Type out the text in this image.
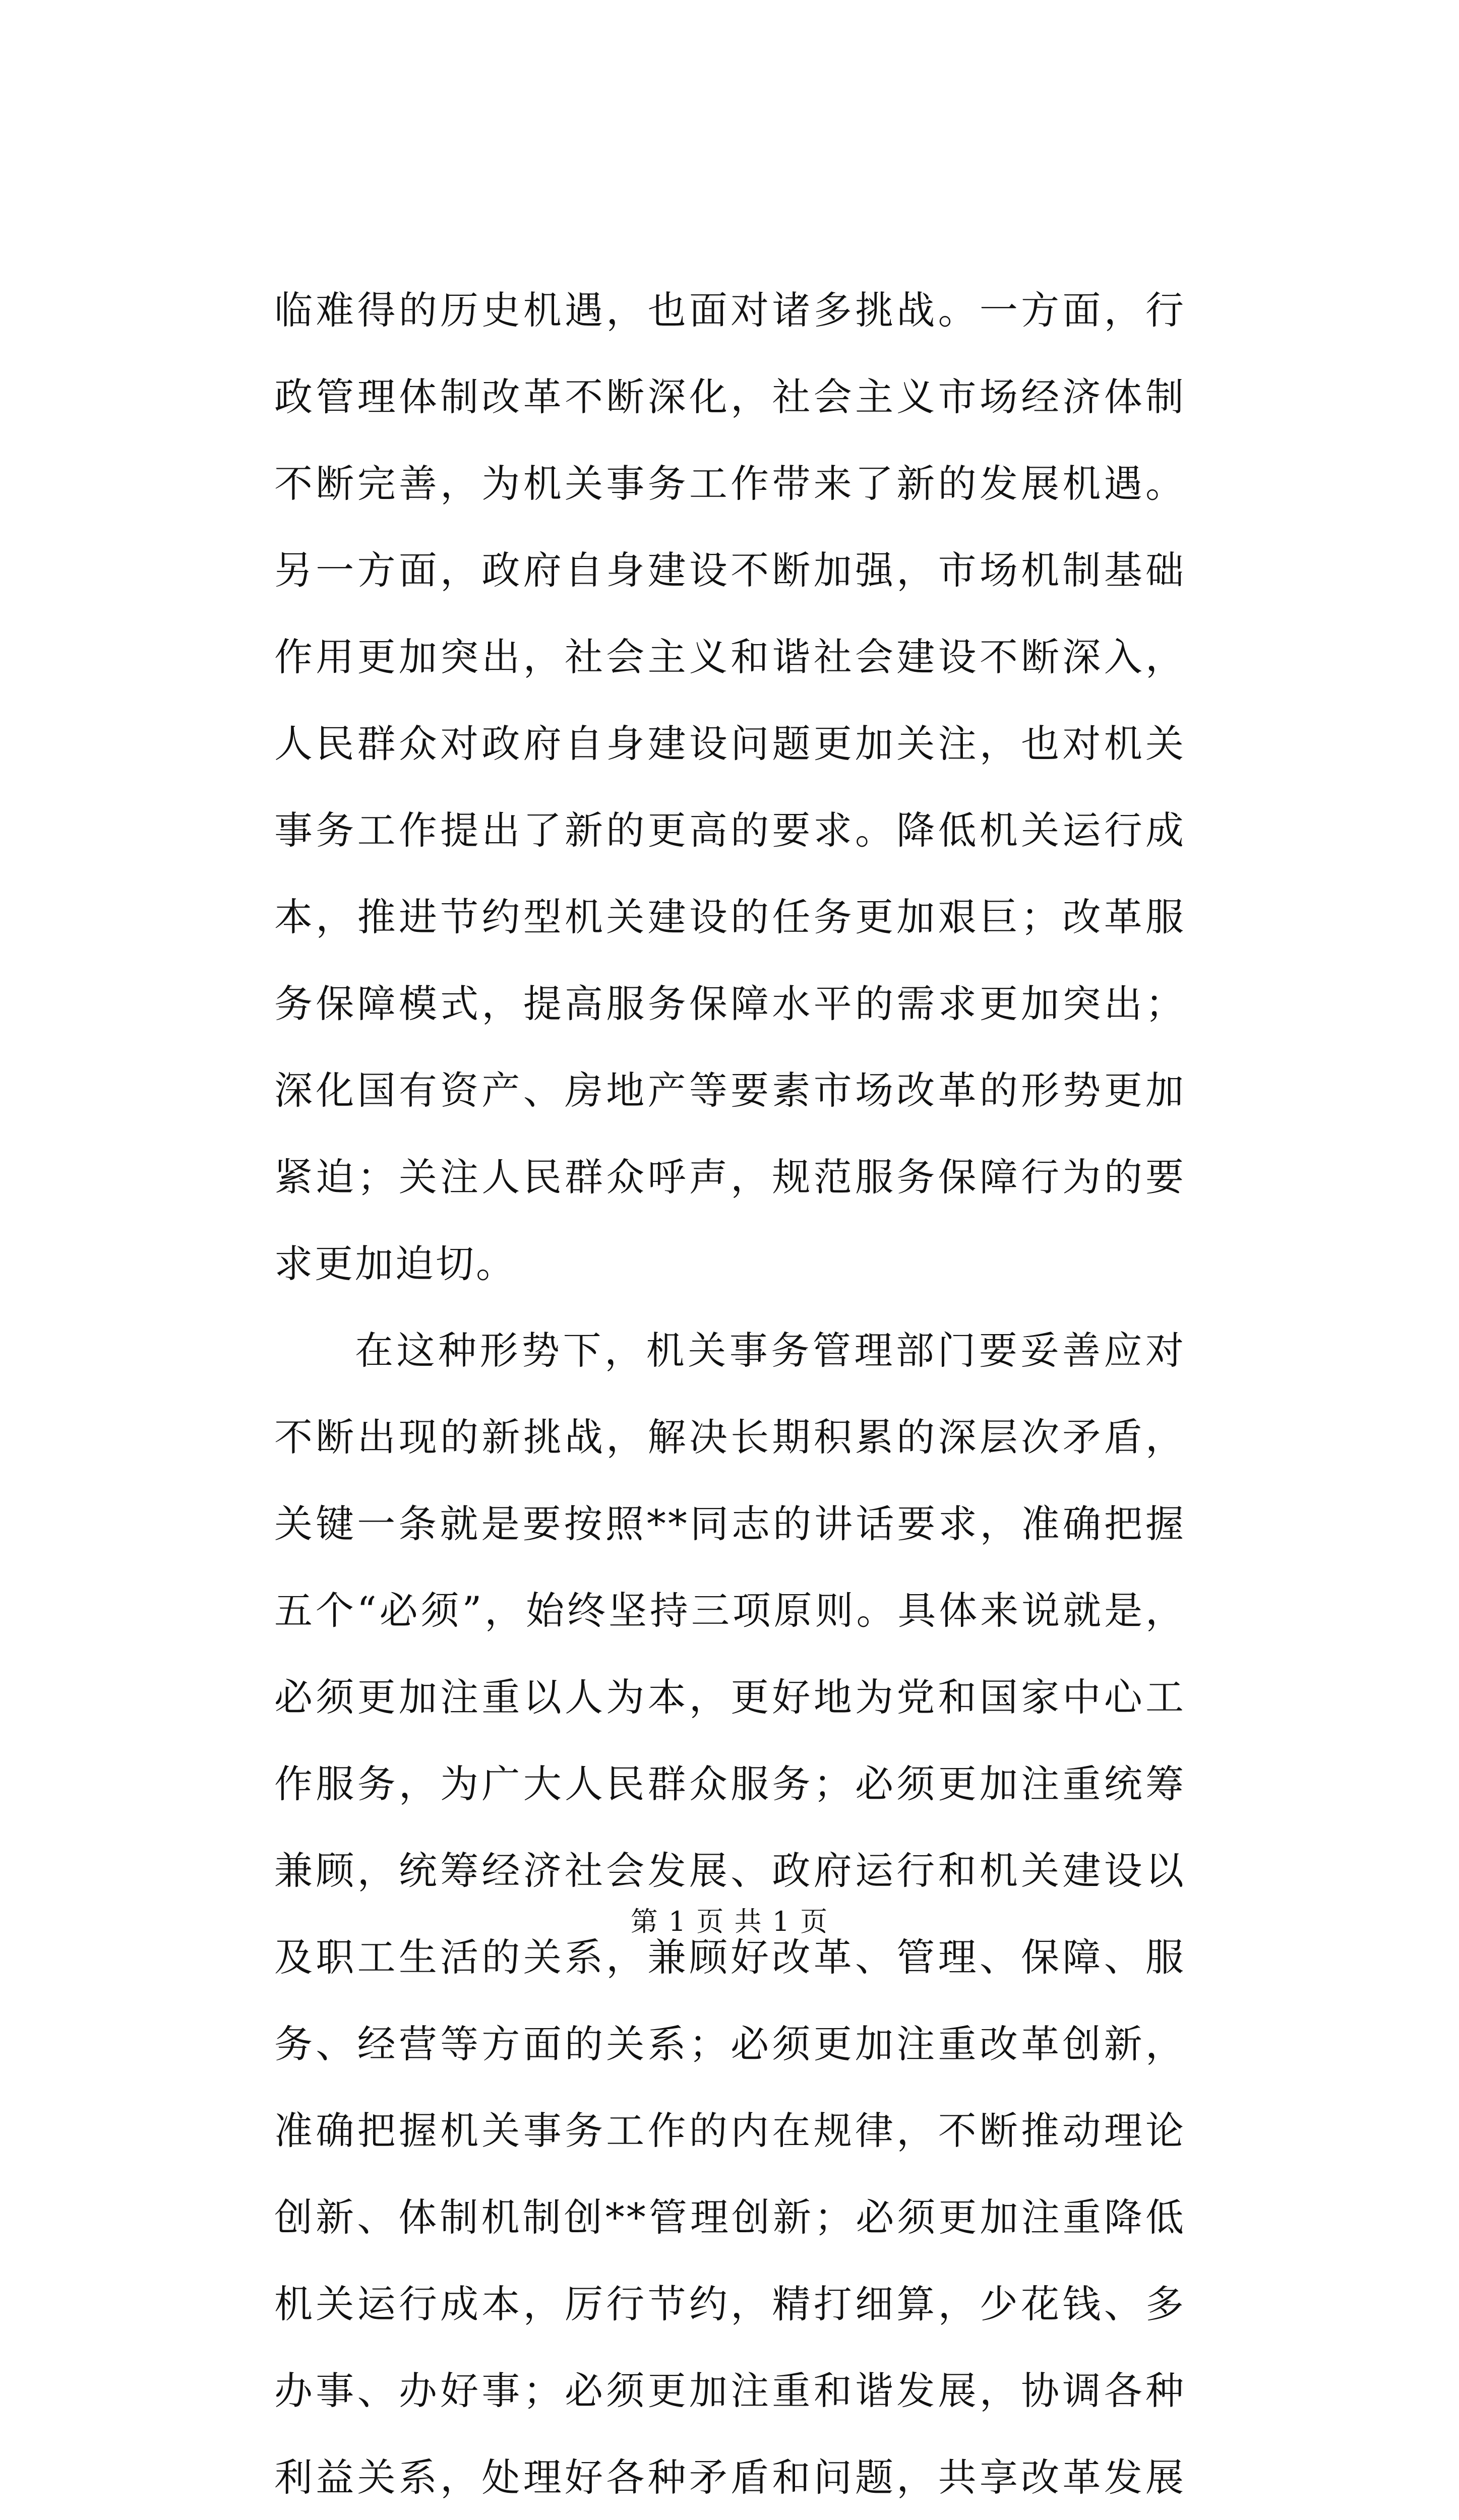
临难得的历史机遇，也面对诸多挑战。一方面，行政管理体制改革不断深化，社会主义市场经济体制不断完善，为机关事务工作带来了新的发展机遇。另一方面，政府自身建设不断加强，市场机制基础作用更加突出，社会主义和谐社会建设不断深入，人民群众对政府自身建设问题更加关注，也对机关事务工作提出了新的更高的要求。降低机关运行成本，推进节约型机关建设的任务更加艰巨；改革服务保障模式，提高服务保障水平的需求更加突出；深化国有资产、房地产等要素市场改革的形势更加紧迫；关注人民群众呼声，规范服务保障行为的要求更加迫切。

在这种形势下，机关事务管理部门要妥善应对不断出现的新挑战，解决长期积累的深层次矛盾，关键一条就是要按照**同志的讲话要求，准确把握五个“必须”，始终坚持三项原则。具体来说就是，必须更加注重以人为本，更好地为党和国家中心工作服务，为广大人民群众服务；必须更加注重统筹兼顾，统筹经济社会发展、政府运行和机关建设以及职工生活的关系，兼顾好改革、管理、保障、服务、经营等方面的关系；必须更加注重改革创新，准确把握机关事务工作的内在规律，不断推动理论创新、体制机制创**管理创新；必须更加注重降低机关运行成本，厉行节约，精打细算，少花钱、多办事、办好事；必须更加注重和谐发展，协调各种利益关系，处理好各种矛盾和问题，共享改革发展

第 1 页 共 1 页
